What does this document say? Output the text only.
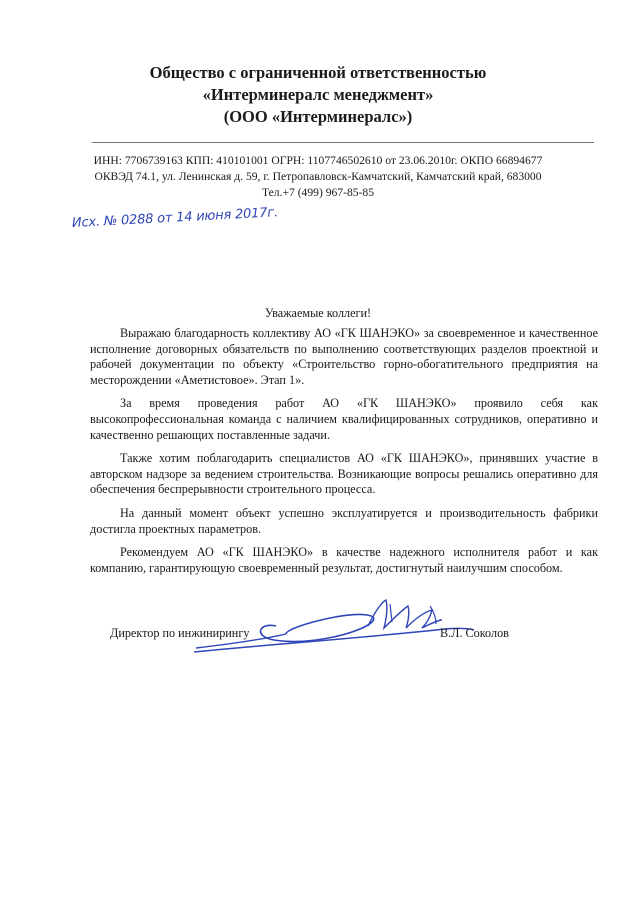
Общество с ограниченной ответственностью
«Интерминералс менеджмент»
(ООО «Интерминералс»)
ИНН: 7706739163 КПП: 410101001 ОГРН: 1107746502610 от 23.06.2010г. ОКПО 66894677
ОКВЭД 74.1, ул. Ленинская д. 59, г. Петропавловск-Камчатский, Камчатский край, 683000
Тел.+7 (499) 967-85-85
Исх. № 0288 от 14 июня 2017г.
Уважаемые коллеги!

Выражаю благодарность коллективу АО «ГК ШАНЭКО» за своевременное и качественное исполнение договорных обязательств по выполнению соответствующих разделов проектной и рабочей документации по объекту «Строительство горно-обогатительного предприятия на месторождении «Аметистовое». Этап 1».

За время проведения работ АО «ГК ШАНЭКО» проявило себя как высокопрофессиональная команда с наличием квалифицированных сотрудников, оперативно и качественно решающих поставленные задачи.

Также хотим поблагодарить специалистов АО «ГК ШАНЭКО», принявших участие в авторском надзоре за ведением строительства. Возникающие вопросы решались оперативно для обеспечения беспрерывности строительного процесса.

На данный момент объект успешно эксплуатируется и производительность фабрики достигла проектных параметров.

Рекомендуем АО «ГК ШАНЭКО» в качестве надежного исполнителя работ и как компанию, гарантирующую своевременный результат, достигнутый наилучшим способом.

Директор по инжинирингу	В.Л. Соколов
